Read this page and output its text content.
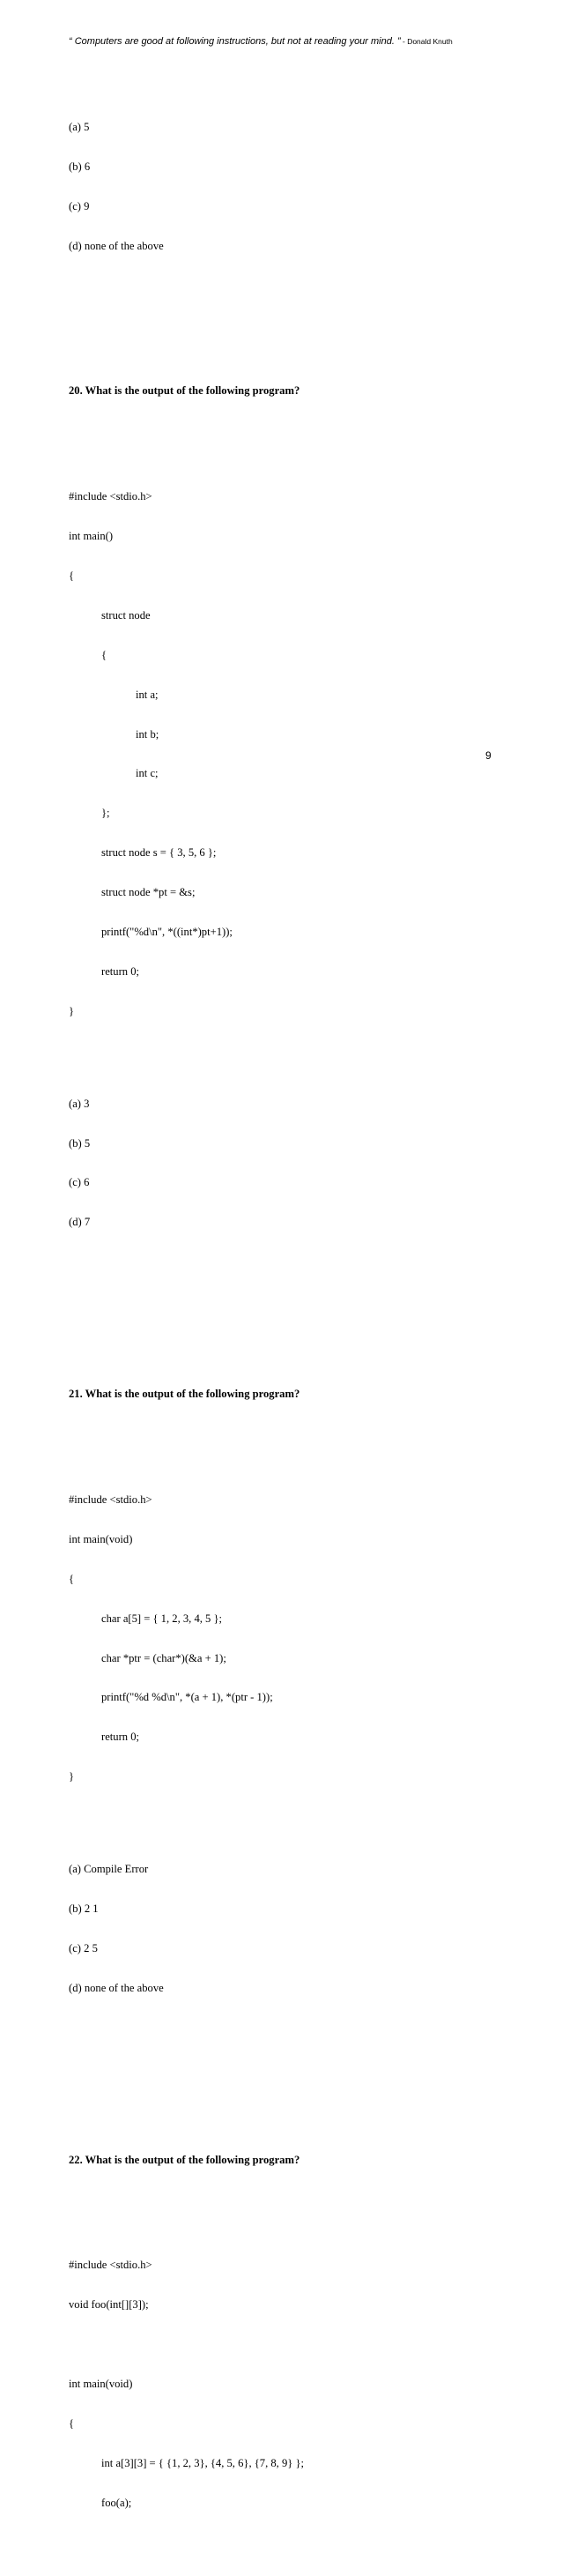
“ Computers are good at following instructions, but not at reading your mind. ” - Donald Knuth

(a) 5

(b) 6

(c) 9

(d) none of the above

20. What is the output of the following program?

#include <stdio.h>

int main()

{

struct node

{

int a;

int b;

int c;

};

struct node s = { 3, 5, 6 };

struct node *pt = &s;

printf("%d\n", *((int*)pt+1));

return 0;

}

(a) 3

(b) 5

(c) 6

(d) 7

21. What is the output of the following program?

#include <stdio.h>

int main(void)

{

char a[5] = { 1, 2, 3, 4, 5 };

char *ptr = (char*)(&a + 1);

printf("%d %d\n", *(a + 1), *(ptr - 1));

return 0;

}

(a) Compile Error

(b) 2 1

(c) 2 5

(d) none of the above

22. What is the output of the following program?

#include <stdio.h>

void foo(int[][3]);

int main(void)

{

int a[3][3] = { {1, 2, 3}, {4, 5, 6}, {7, 8, 9} };

foo(a);

9
